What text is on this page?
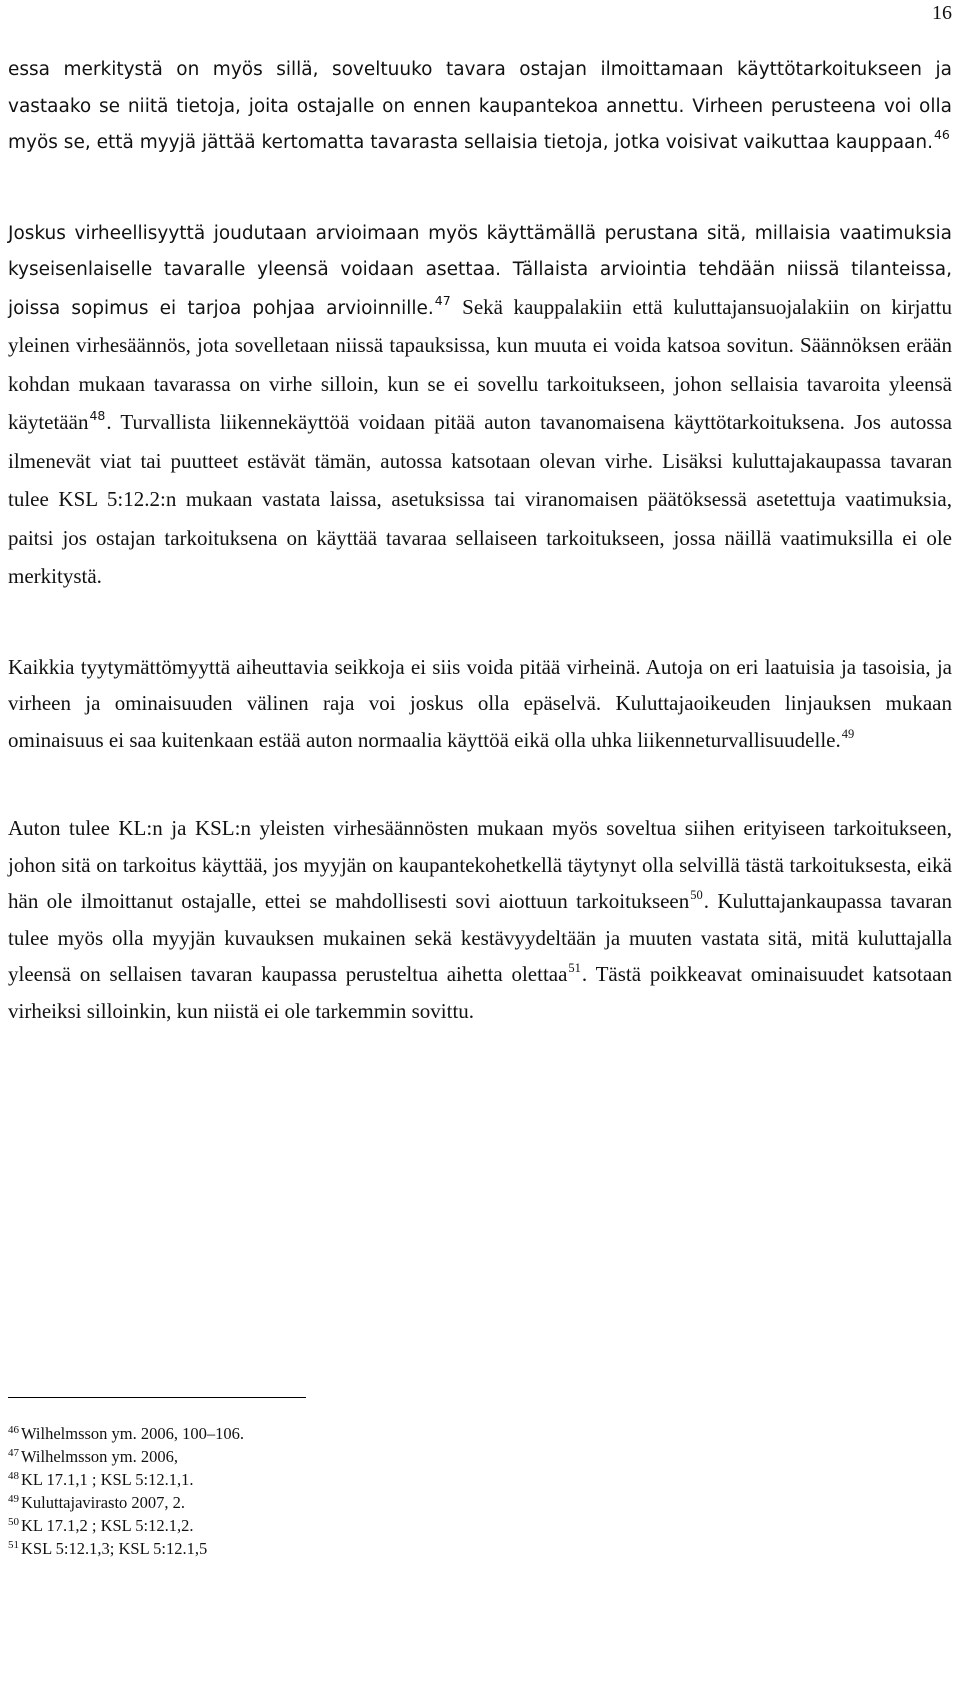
16

essa merkitystä on myös sillä, soveltuuko tavara ostajan ilmoittamaan käyttötarkoitukseen ja vastaako se niitä tietoja, joita ostajalle on ennen kaupantekoa annettu. Virheen perusteena voi olla myös se, että myyjä jättää kertomatta tavarasta sellaisia tietoja, jotka voisivat vaikuttaa kauppaan.$^{46}$

Joskus virheellisyyttä joudutaan arvioimaan myös käyttämällä perustana sitä, millaisia vaatimuksia kyseisenlaiselle tavaralle yleensä voidaan asettaa. Tällaista arviointia tehdään niissä tilanteissa, joissa sopimus ei tarjoa pohjaa arvioinnille.$^{47}$ Sekä kauppalakiin että kuluttajansuojalakiin on kirjattu yleinen virhesäännös, jota sovelletaan niissä tapauksissa, kun muuta ei voida katsoa sovitun. Säännöksen erään kohdan mukaan tavarassa on virhe silloin, kun se ei sovellu tarkoitukseen, johon sellaisia tavaroita yleensä käytetään$^{48}$. Turvallista liikennekäyttöä voidaan pitää auton tavanomaisena käyttötarkoituksena. Jos autossa ilmenevät viat tai puutteet estävät tämän, autossa katsotaan olevan virhe. Lisäksi kuluttajakaupassa tavaran tulee KSL 5:12.2:n mukaan vastata laissa, asetuksissa tai viranomaisen päätöksessä asetettuja vaatimuksia, paitsi jos ostajan tarkoituksena on käyttää tavaraa sellaiseen tarkoitukseen, jossa näillä vaatimuksilla ei ole merkitystä.

Kaikkia tyytymättömyyttä aiheuttavia seikkoja ei siis voida pitää virheinä. Autoja on eri laatuisia ja tasoisia, ja virheen ja ominaisuuden välinen raja voi joskus olla epäselvä. Kuluttajaoikeuden linjauksen mukaan ominaisuus ei saa kuitenkaan estää auton normaalia käyttöä eikä olla uhka liikenneturvallisuudelle.$^{49}$

Auton tulee KL:n ja KSL:n yleisten virhesäännösten mukaan myös soveltua siihen erityiseen tarkoitukseen, johon sitä on tarkoitus käyttää, jos myyjän on kaupantekohetkellä täytynyt olla selvillä tästä tarkoituksesta, eikä hän ole ilmoittanut ostajalle, ettei se mahdollisesti sovi aiottuun tarkoitukseen$^{50}$. Kuluttajankaupassa tavaran tulee myös olla myyjän kuvauksen mukainen sekä kestävyydeltään ja muuten vastata sitä, mitä kuluttajalla yleensä on sellaisen tavaran kaupassa perusteltua aihetta olettaa$^{51}$. Tästä poikkeavat ominaisuudet katsotaan virheiksi silloinkin, kun niistä ei ole tarkemmin sovittu.

$^{46}$ Wilhelmsson ym. 2006, 100–106.
$^{47}$ Wilhelmsson ym. 2006,
$^{48}$ KL 17.1,1 ; KSL 5:12.1,1.
$^{49}$ Kuluttajavirasto 2007, 2.
$^{50}$ KL 17.1,2 ; KSL 5:12.1,2.
$^{51}$ KSL 5:12.1,3; KSL 5:12.1,5
